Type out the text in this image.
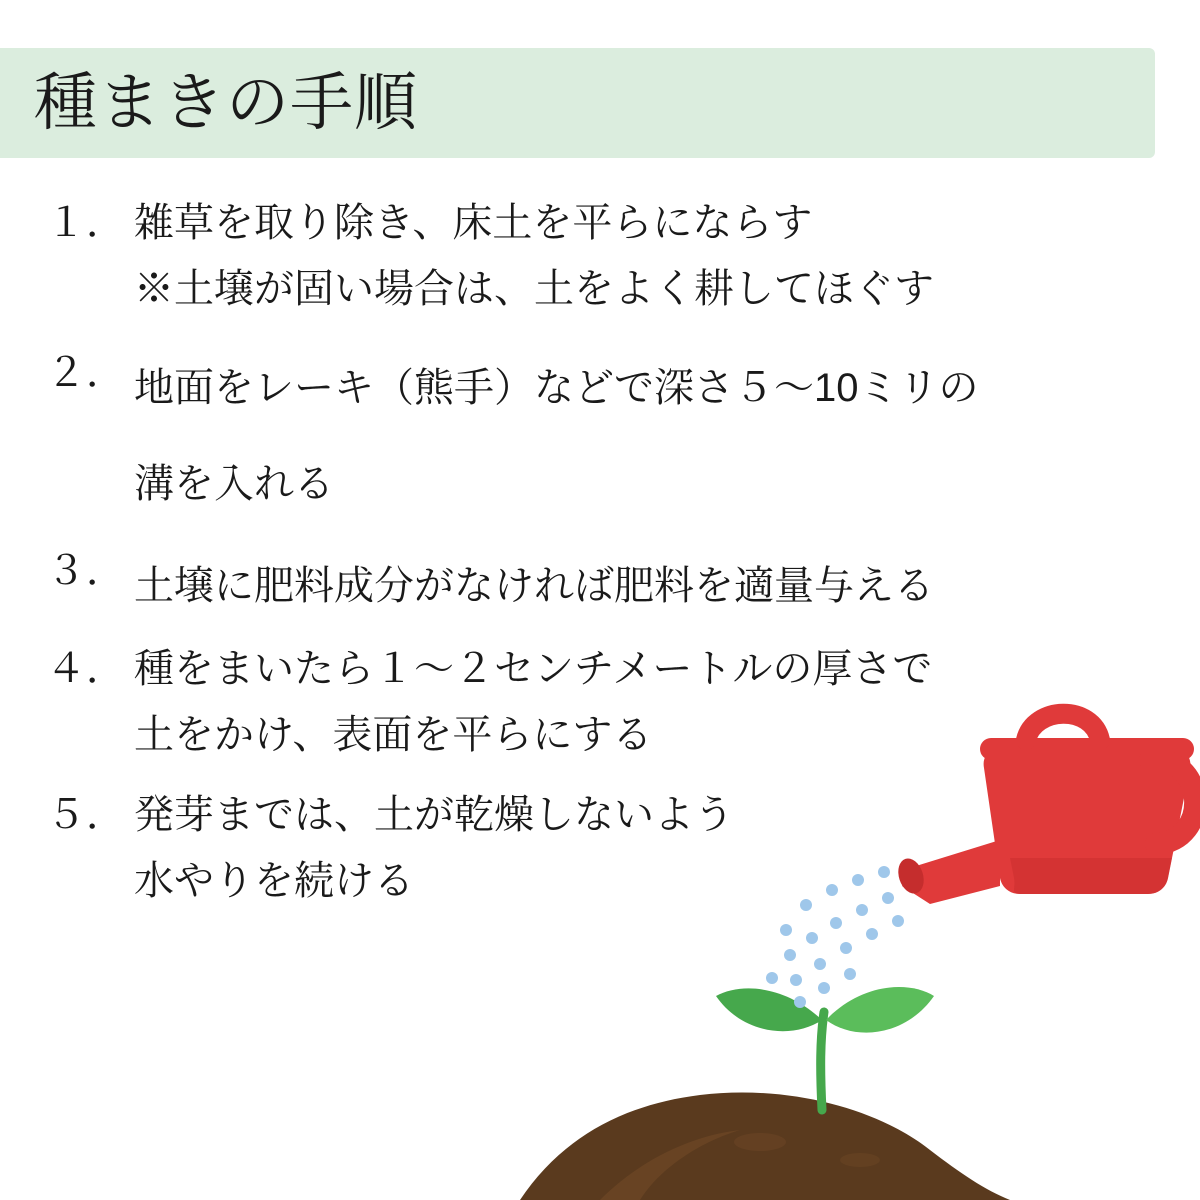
種まきの手順
１． 雑草を取り除き、床土を平らにならす
※土壌が固い場合は、土をよく耕してほぐす
２． 地面をレーキ（熊手）などで深さ５〜10ミリの
溝を入れる
３． 土壌に肥料成分がなければ肥料を適量与える
４． 種をまいたら１〜２センチメートルの厚さで
土をかけ、表面を平らにする
５． 発芽までは、土が乾燥しないよう
水やりを続ける
